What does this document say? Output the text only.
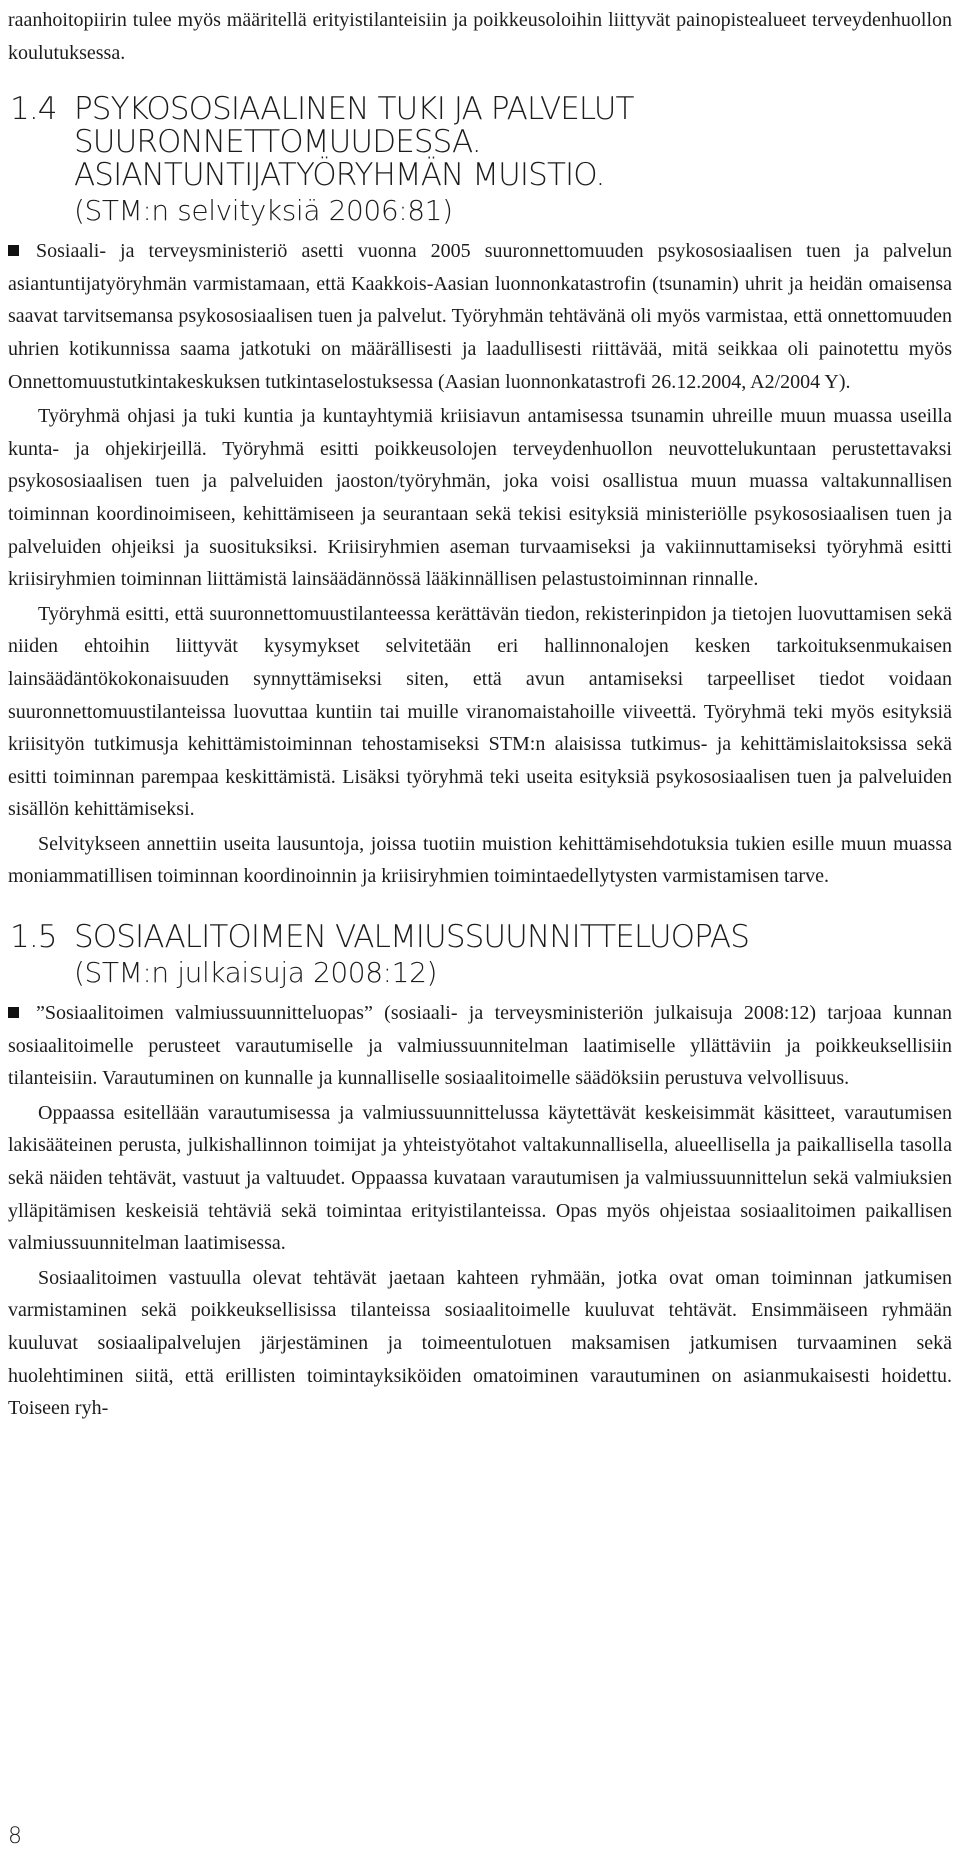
raanhoitopiirin tulee myös määritellä erityistilanteisiin ja poikkeusoloihin liittyvät painopistealueet terveydenhuollon koulutuksessa.

1.4 PSYKOSOSIAALINEN TUKI JA PALVELUT
SUURONNETTOMUUDESSA.
ASIANTUNTIJATYÖRYHMÄN MUISTIO.
(STM:n selvityksiä 2006:81)

Sosiaali- ja terveysministeriö asetti vuonna 2005 suuronnettomuuden psykososiaalisen tuen ja palvelun asiantuntijatyöryhmän varmistamaan, että Kaakkois-Aasian luonnonkatastrofin (tsunamin) uhrit ja heidän omaisensa saavat tarvitsemansa psykososiaalisen tuen ja palvelut. Työryhmän tehtävänä oli myös varmistaa, että onnettomuuden uhrien kotikunnissa saama jatkotuki on määrällisesti ja laadullisesti riittävää, mitä seikkaa oli painotettu myös Onnettomuustutkintakeskuksen tutkintaselostuksessa (Aasian luonnonkatastrofi 26.12.2004, A2/2004 Y).

Työryhmä ohjasi ja tuki kuntia ja kuntayhtymiä kriisiavun antamisessa tsunamin uhreille muun muassa useilla kunta- ja ohjekirjeillä. Työryhmä esitti poikkeusolojen terveydenhuollon neuvottelukuntaan perustettavaksi psykososiaalisen tuen ja palveluiden jaoston/työryhmän, joka voisi osallistua muun muassa valtakunnallisen toiminnan koordinoimiseen, kehittämiseen ja seurantaan sekä tekisi esityksiä ministeriölle psykososiaalisen tuen ja palveluiden ohjeiksi ja suosituksiksi. Kriisiryhmien aseman turvaamiseksi ja vakiinnuttamiseksi työryhmä esitti kriisiryhmien toiminnan liittämistä lainsäädännössä lääkinnällisen pelastustoiminnan rinnalle.

Työryhmä esitti, että suuronnettomuustilanteessa kerättävän tiedon, rekisterinpidon ja tietojen luovuttamisen sekä niiden ehtoihin liittyvät kysymykset selvitetään eri hallinnonalojen kesken tarkoituksenmukaisen lainsäädäntökokonaisuuden synnyttämiseksi siten, että avun antamiseksi tarpeelliset tiedot voidaan suuronnettomuustilanteissa luovuttaa kuntiin tai muille viranomaistahoille viiveettä. Työryhmä teki myös esityksiä kriisityön tutkimusja kehittämistoiminnan tehostamiseksi STM:n alaisissa tutkimus- ja kehittämislaitoksissa sekä esitti toiminnan parempaa keskittämistä. Lisäksi työryhmä teki useita esityksiä psykososiaalisen tuen ja palveluiden sisällön kehittämiseksi.

Selvitykseen annettiin useita lausuntoja, joissa tuotiin muistion kehittämisehdotuksia tukien esille muun muassa moniammatillisen toiminnan koordinoinnin ja kriisiryhmien toimintaedellytysten varmistamisen tarve.

1.5 SOSIAALITOIMEN VALMIUSSUUNNITTELUOPAS
(STM:n julkaisuja 2008:12)

”Sosiaalitoimen valmiussuunnitteluopas” (sosiaali- ja terveysministeriön julkaisuja 2008:12) tarjoaa kunnan sosiaalitoimelle perusteet varautumiselle ja valmiussuunnitelman laatimiselle yllättäviin ja poikkeuksellisiin tilanteisiin. Varautuminen on kunnalle ja kunnalliselle sosiaalitoimelle säädöksiin perustuva velvollisuus.

Oppaassa esitellään varautumisessa ja valmiussuunnittelussa käytettävät keskeisimmät käsitteet, varautumisen lakisääteinen perusta, julkishallinnon toimijat ja yhteistyötahot valtakunnallisella, alueellisella ja paikallisella tasolla sekä näiden tehtävät, vastuut ja valtuudet. Oppaassa kuvataan varautumisen ja valmiussuunnittelun sekä valmiuksien ylläpitämisen keskeisiä tehtäviä sekä toimintaa erityistilanteissa. Opas myös ohjeistaa sosiaalitoimen paikallisen valmiussuunnitelman laatimisessa.

Sosiaalitoimen vastuulla olevat tehtävät jaetaan kahteen ryhmään, jotka ovat oman toiminnan jatkumisen varmistaminen sekä poikkeuksellisissa tilanteissa sosiaalitoimelle kuuluvat tehtävät. Ensimmäiseen ryhmään kuuluvat sosiaalipalvelujen järjestäminen ja toimeentulotuen maksamisen jatkumisen turvaaminen sekä huolehtiminen siitä, että erillisten toimintayksiköiden omatoiminen varautuminen on asianmukaisesti hoidettu. Toiseen ryh-

8
